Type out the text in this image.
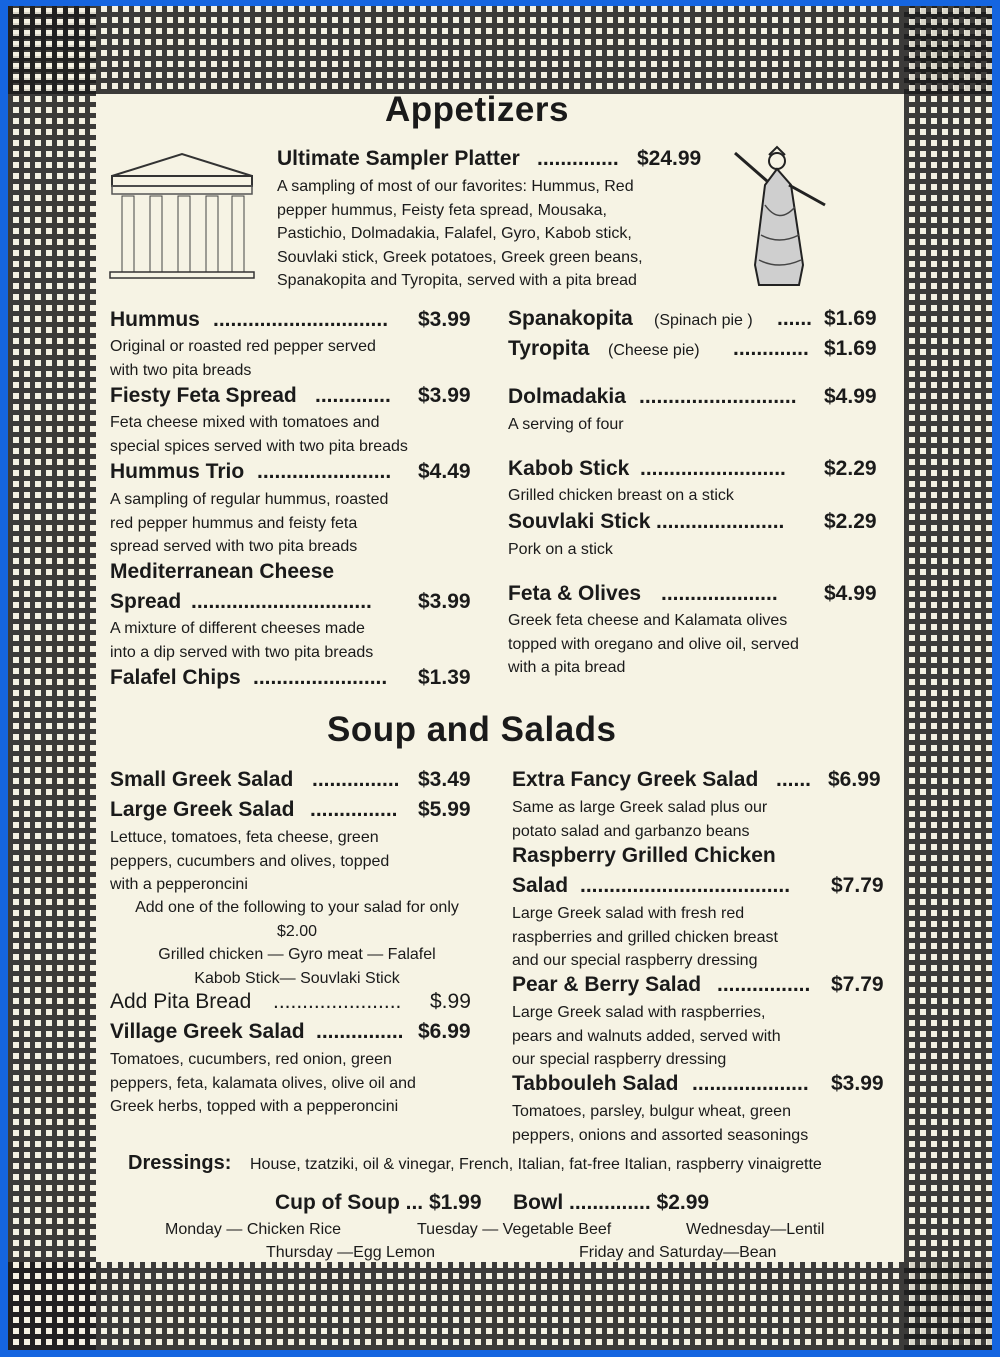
Appetizers
Ultimate Sampler Platter .............. $24.99
A sampling of most of our favorites: Hummus, Red
pepper hummus, Feisty feta spread, Mousaka,
Pastichio, Dolmadakia, Falafel, Gyro, Kabob stick,
Souvlaki stick, Greek potatoes, Greek green beans,
Spanakopita and Tyropita, served with a pita bread
Hummus .............................. $3.99
Original or roasted red pepper served
with two pita breads
Fiesty Feta Spread ............. $3.99
Feta cheese mixed with tomatoes and
special spices served with two pita breads
Hummus Trio ....................... $4.49
A sampling of regular hummus, roasted
red pepper hummus and feisty feta
spread served with two pita breads
Mediterranean Cheese
Spread ............................... $3.99
A mixture of different cheeses made
into a dip served with two pita breads
Falafel Chips ....................... $1.39
Spanakopita (Spinach pie ) ...... $1.69
Tyropita (Cheese pie) ............. $1.69
Dolmadakia ........................... $4.99
A serving of four
Kabob Stick ......................... $2.29
Grilled chicken breast on a stick
Souvlaki Stick ...................... $2.29
Pork on a stick
Feta & Olives .................... $4.99
Greek feta cheese and Kalamata olives
topped with oregano and olive oil, served
with a pita bread
Soup and Salads
Small Greek Salad ............... $3.49
Large Greek Salad ............... $5.99
Lettuce, tomatoes, feta cheese, green
peppers, cucumbers and olives, topped
with a pepperoncini
Add one of the following to your salad for only
$2.00
Grilled chicken — Gyro meat — Falafel
Kabob Stick— Souvlaki Stick
Add Pita Bread ...................... $.99
Village Greek Salad ............... $6.99
Tomatoes, cucumbers, red onion, green
peppers, feta, kalamata olives, olive oil and
Greek herbs, topped with a pepperoncini
Extra Fancy Greek Salad ...... $6.99
Same as large Greek salad plus our
potato salad and garbanzo beans
Raspberry Grilled Chicken
Salad .................................... $7.79
Large Greek salad with fresh red
raspberries and grilled chicken breast
and our special raspberry dressing
Pear & Berry Salad ................ $7.79
Large Greek salad with raspberries,
pears and walnuts added, served with
our special raspberry dressing
Tabbouleh Salad .................... $3.99
Tomatoes, parsley, bulgur wheat, green
peppers, onions and assorted seasonings
Dressings: House, tzatziki, oil & vinegar, French, Italian, fat-free Italian, raspberry vinaigrette
Cup of Soup ... $1.99 Bowl .............. $2.99
Monday — Chicken Rice	Tuesday — Vegetable Beef	Wednesday—Lentil
Thursday —Egg Lemon	Friday and Saturday—Bean
